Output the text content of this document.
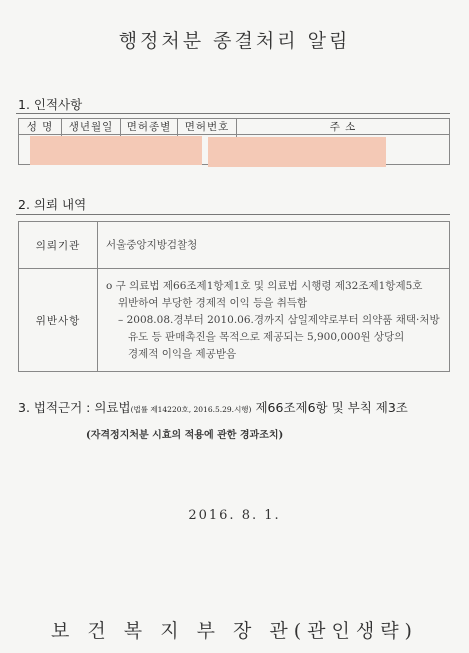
행정처분 종결처리 알림
1. 인적사항
성 명	생년월일	면허종별	면허번호	주 소

2. 의뢰 내역
의뢰기관	서울중앙지방검찰청
위반사항	o 구 의료법 제66조제1항제1호 및 의료법 시행령 제32조제1항제5호
위반하여 부당한 경제적 이익 등을 취득함
– 2008.08.경부터 2010.06.경까지 삼일제약로부터 의약품 채택·처방
유도 등 판매촉진을 목적으로 제공되는 5,900,000원 상당의
경제적 이익을 제공받음
3. 법적근거 : 의료법(법률 제14220호, 2016.5.29.시행) 제66조제6항 및 부칙 제3조
(자격정지처분 시효의 적용에 관한 경과조치)
2016. 8. 1.
보 건 복 지 부 장 관(관인생략)
